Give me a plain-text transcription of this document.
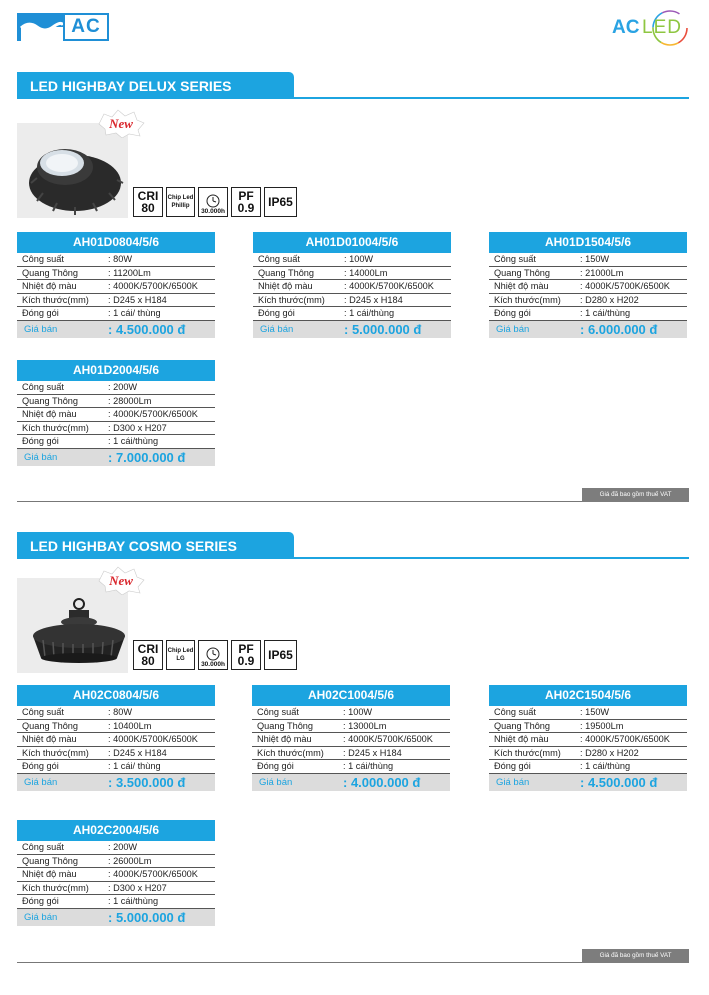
AC	AC LED
LED HIGHBAY DELUX SERIES
New
CRI
80
Chip Led
Phillip
30.000h
PF
0.9	IP65
AH01D0804/5/6
Công suất	: 80W
Quang Thông	: 11200Lm
Nhiệt độ màu	: 4000K/5700K/6500K
Kích thước(mm)	: D245 x H184
Đóng gói	: 1 cái/ thùng
Giá bán	: 4.500.000 đ
AH01D01004/5/6
Công suất	: 100W
Quang Thông	: 14000Lm
Nhiệt độ màu	: 4000K/5700K/6500K
Kích thước(mm)	: D245 x H184
Đóng gói	: 1 cái/thùng
Giá bán	: 5.000.000 đ
AH01D1504/5/6
Công suất	: 150W
Quang Thông	: 21000Lm
Nhiệt độ màu	: 4000K/5700K/6500K
Kích thước(mm)	: D280 x H202
Đóng gói	: 1 cái/thùng
Giá bán	: 6.000.000 đ
AH01D2004/5/6
Công suất	: 200W
Quang Thông	: 28000Lm
Nhiệt độ màu	: 4000K/5700K/6500K
Kích thước(mm)	: D300 x H207
Đóng gói	: 1 cái/thùng
Giá bán	: 7.000.000 đ
Giá đã bao gồm thuế VAT
LED HIGHBAY COSMO SERIES
New
CRI
80
Chip Led
LG
30.000h
PF
0.9	IP65
AH02C0804/5/6
Công suất	: 80W
Quang Thông	: 10400Lm
Nhiệt độ màu	: 4000K/5700K/6500K
Kích thước(mm)	: D245 x H184
Đóng gói	: 1 cái/ thùng
Giá bán	: 3.500.000 đ
AH02C1004/5/6
Công suất	: 100W
Quang Thông	: 13000Lm
Nhiệt độ màu	: 4000K/5700K/6500K
Kích thước(mm)	: D245 x H184
Đóng gói	: 1 cái/thùng
Giá bán	: 4.000.000 đ
AH02C1504/5/6
Công suất	: 150W
Quang Thông	: 19500Lm
Nhiệt độ màu	: 4000K/5700K/6500K
Kích thước(mm)	: D280 x H202
Đóng gói	: 1 cái/thùng
Giá bán	: 4.500.000 đ
AH02C2004/5/6
Công suất	: 200W
Quang Thông	: 26000Lm
Nhiệt độ màu	: 4000K/5700K/6500K
Kích thước(mm)	: D300 x H207
Đóng gói	: 1 cái/thùng
Giá bán	: 5.000.000 đ
Giá đã bao gồm thuế VAT
